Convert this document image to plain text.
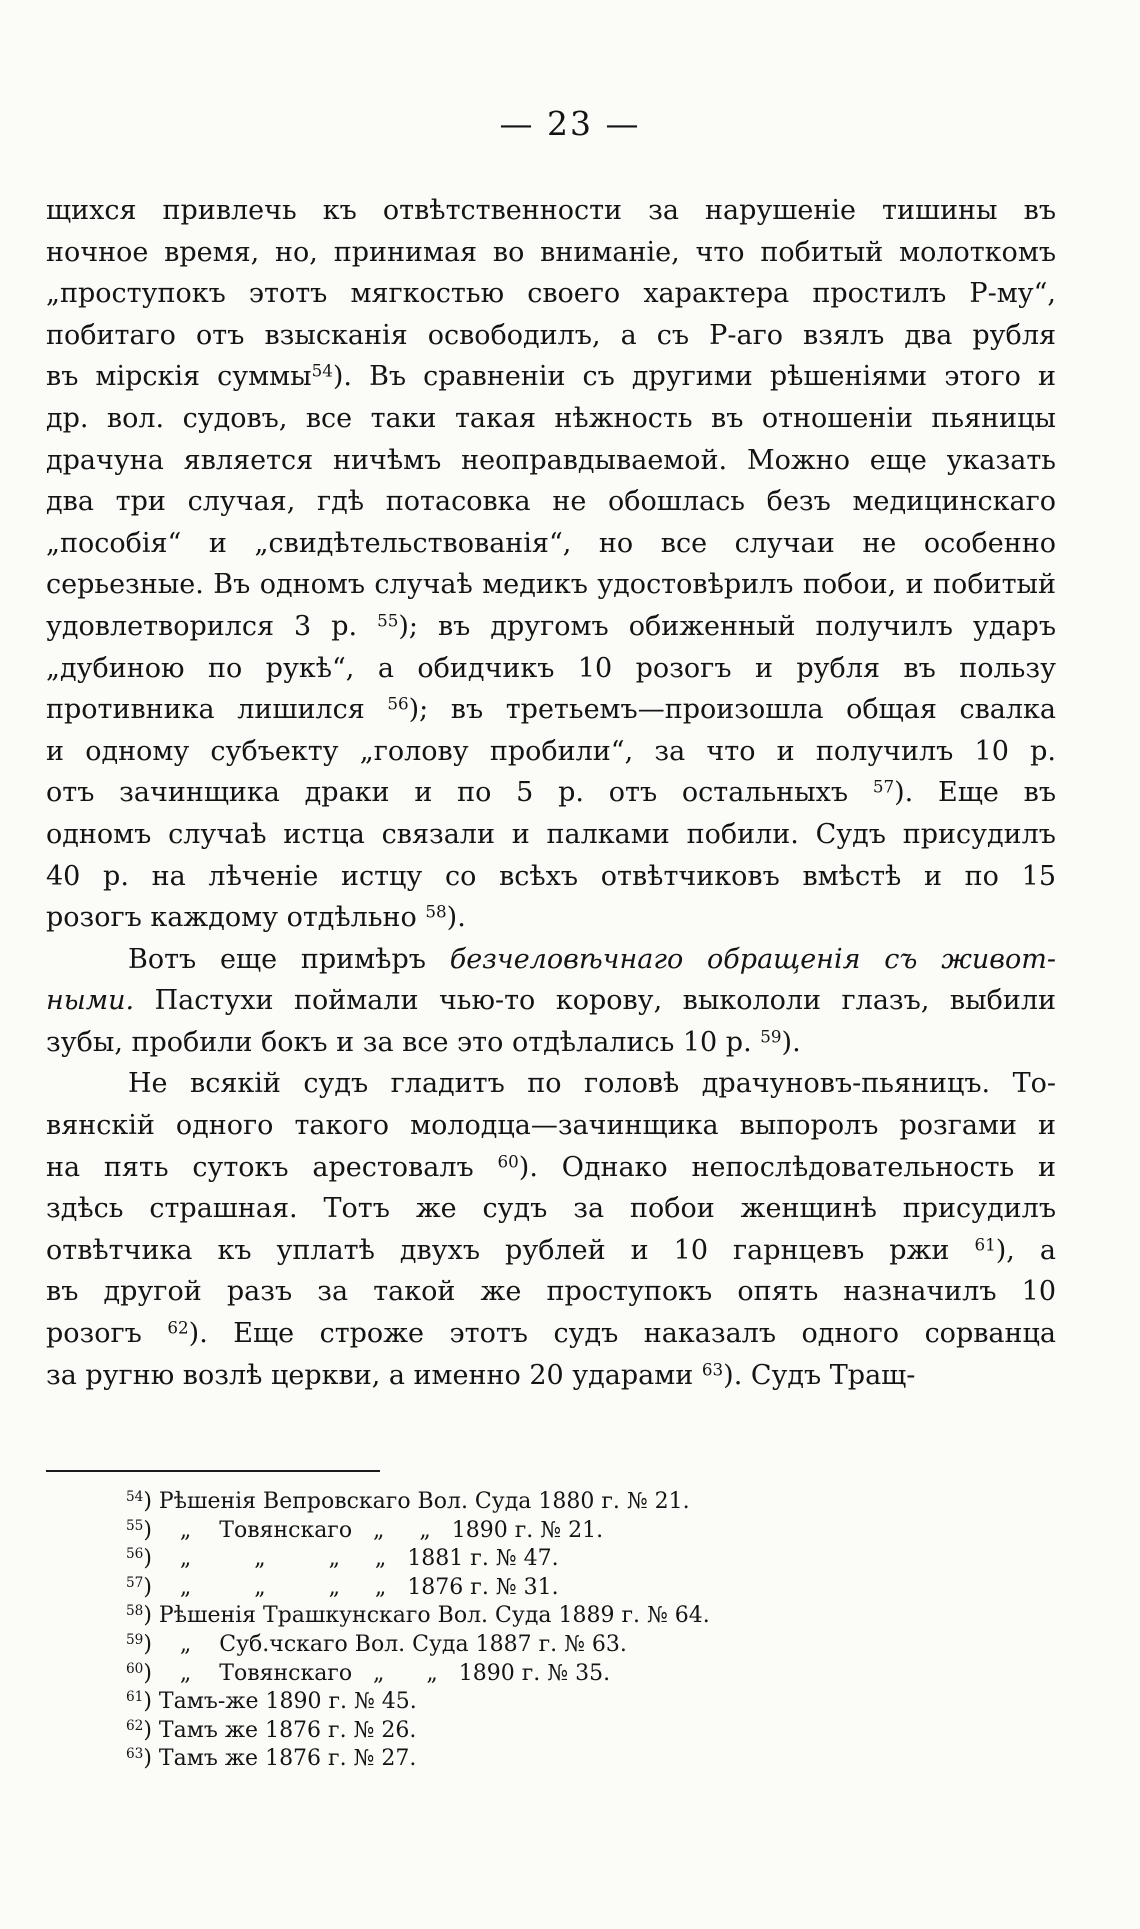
— 23 —
щихся привлечь къ отвѣтственности за нарушеніе тишины въ
ночное время, но, принимая во вниманіе, что побитый молоткомъ
„проступокъ этотъ мягкостью своего характера простилъ Р-му“,
побитаго отъ взысканія освободилъ, а съ Р-аго взялъ два рубля
въ мірскія суммы$^{54}$). Въ сравненіи съ другими рѣшеніями этого и
др. вол. судовъ, все таки такая нѣжность въ отношеніи пьяницы
драчуна является ничѣмъ неоправдываемой. Можно еще указать
два три случая, гдѣ потасовка не обошлась безъ медицинскаго
„пособія“ и „свидѣтельствованія“, но все случаи не особенно
серьезные. Въ одномъ случаѣ медикъ удостовѣрилъ побои, и побитый
удовлетворился 3 р. $^{55}$); въ другомъ обиженный получилъ ударъ
„дубиною по рукѣ“, а обидчикъ 10 розогъ и рубля въ пользу
противника лишился $^{56}$); въ третьемъ—произошла общая свалка
и одному субъекту „голову пробили“, за что и получилъ 10 р.
отъ зачинщика драки и по 5 р. отъ остальныхъ $^{57}$). Еще въ
одномъ случаѣ истца связали и палками побили. Судъ присудилъ
40 р. на лѣченіе истцу со всѣхъ отвѣтчиковъ вмѣстѣ и по 15
розогъ каждому отдѣльно $^{58}$).
Вотъ еще примѣръ безчеловѣчнаго обращенія съ живот-
ными. Пастухи поймали чью-то корову, выкололи глазъ, выбили
зубы, пробили бокъ и за все это отдѣлались 10 р. $^{59}$).
Не всякій судъ гладитъ по головѣ драчуновъ-пьяницъ. То-
вянскій одного такого молодца—зачинщика выпоролъ розгами и
на пять сутокъ арестовалъ $^{60}$). Однако непослѣдовательность и
здѣсь страшная. Тотъ же судъ за побои женщинѣ присудилъ
отвѣтчика къ уплатѣ двухъ рублей и 10 гарнцевъ ржи $^{61}$), а
въ другой разъ за такой же проступокъ опять назначилъ 10
розогъ $^{62}$). Еще строже этотъ судъ наказалъ одного сорванца
за ругню возлѣ церкви, а именно 20 ударами $^{63}$). Судъ Тращ-
$^{54}$) Рѣшенія Вепровскаго Вол. Суда 1880 г. № 21.
$^{55}$)    „    Товянскаго   „     „   1890 г. № 21.
$^{56}$)    „         „         „     „   1881 г. № 47.
$^{57}$)    „         „         „     „   1876 г. № 31.
$^{58}$) Рѣшенія Трашкунскаго Вол. Суда 1889 г. № 64.
$^{59}$)    „    Суб.чскаго Вол. Суда 1887 г. № 63.
$^{60}$)    „    Товянскаго   „      „   1890 г. № 35.
$^{61}$) Тамъ-же 1890 г. № 45.
$^{62}$) Тамъ же 1876 г. № 26.
$^{63}$) Тамъ же 1876 г. № 27.
